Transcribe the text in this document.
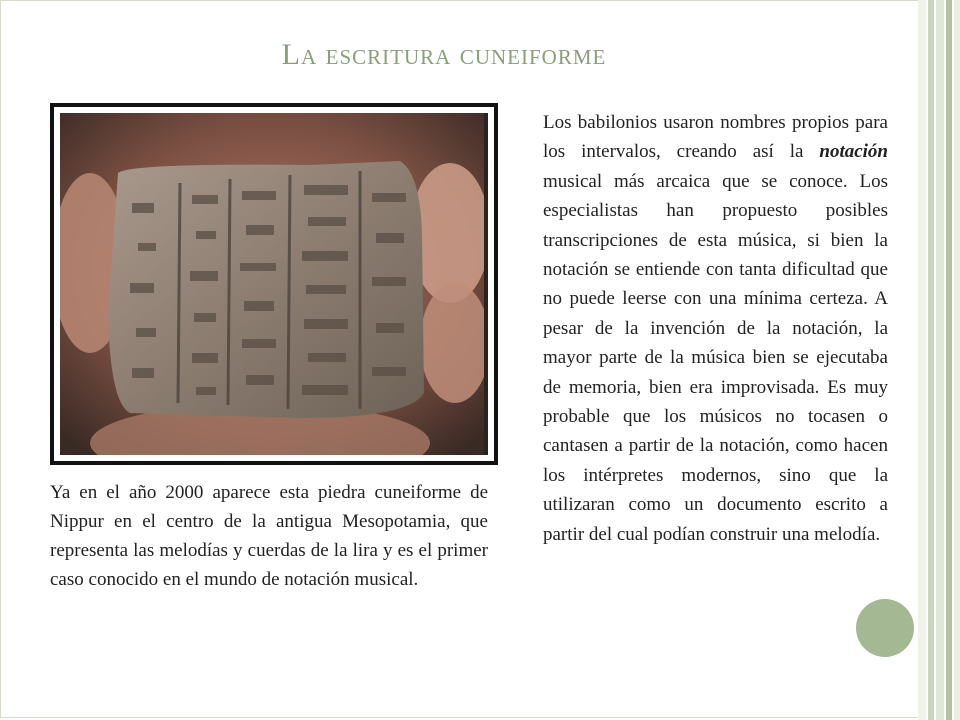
La escritura cuneiforme
Ya en el año 2000 aparece esta piedra cuneiforme de Nippur en el centro de la antigua Mesopotamia, que representa las melodías y cuerdas de la lira y es el primer caso conocido en el mundo de notación musical.
Los babilonios usaron nombres propios para los intervalos, creando así la notación musical más arcaica que se conoce. Los especialistas han propuesto posibles transcripciones de esta música, si bien la notación se entiende con tanta dificultad que no puede leerse con una mínima certeza. A pesar de la invención de la notación, la mayor parte de la música bien se ejecutaba de memoria, bien era improvisada. Es muy probable que los músicos no tocasen o cantasen a partir de la notación, como hacen los intérpretes modernos, sino que la utilizaran como un documento escrito a partir del cual podían construir una melodía.
